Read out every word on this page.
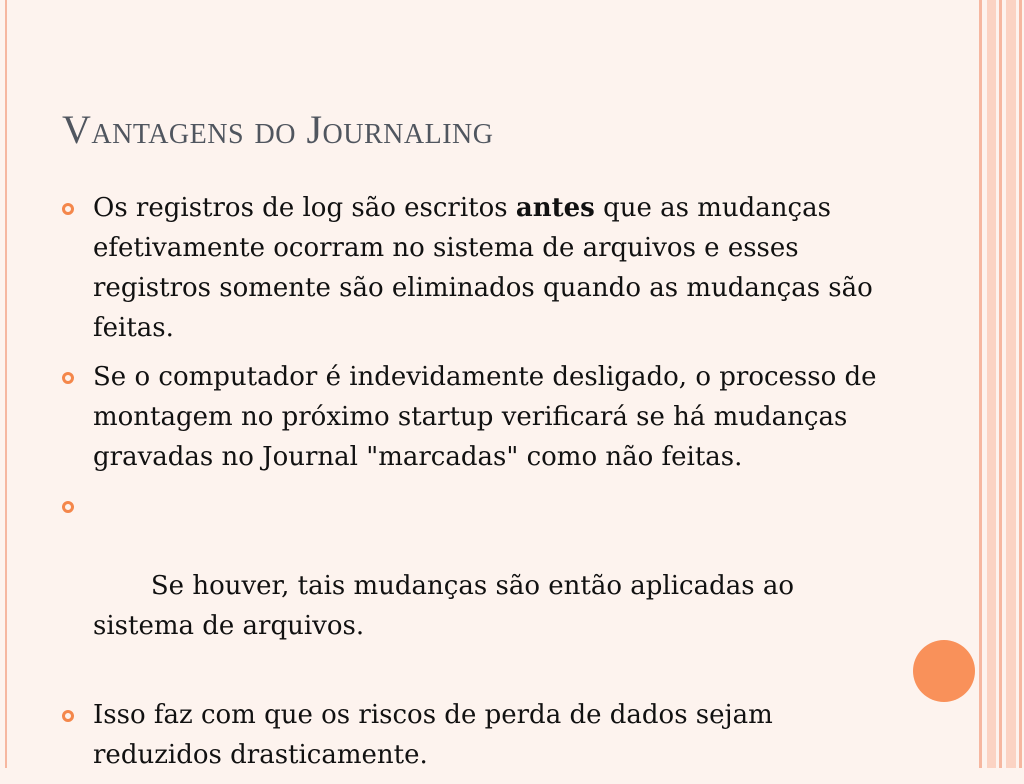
Vantagens do Journaling
Os registros de log são escritos antes que as mudanças efetivamente ocorram no sistema de arquivos e esses registros somente são eliminados quando as mudanças são feitas.
Se o computador é indevidamente desligado, o processo de montagem no próximo startup verificará se há mudanças gravadas no Journal "marcadas" como não feitas.

Se houver, tais mudanças são então aplicadas ao sistema de arquivos.

Isso faz com que os riscos de perda de dados sejam reduzidos drasticamente.
